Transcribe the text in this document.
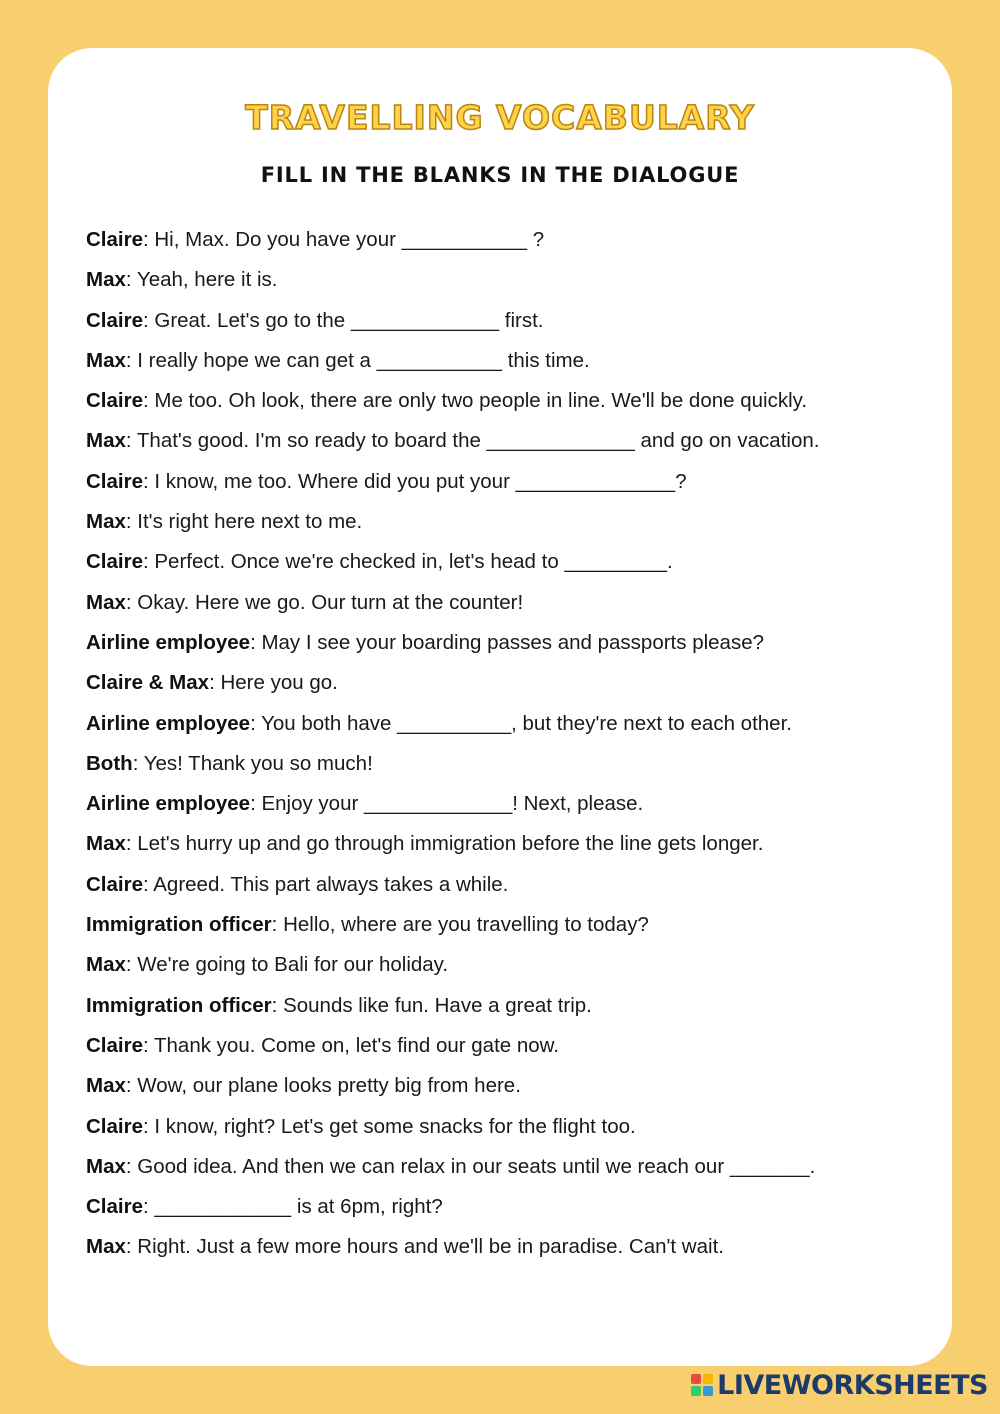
TRAVELLING VOCABULARY
FILL IN THE BLANKS IN THE DIALOGUE
Claire: Hi, Max. Do you have your ___________ ?
Max: Yeah, here it is.
Claire: Great. Let's go to the _____________ first.
Max: I really hope we can get a ___________ this time.
Claire: Me too. Oh look, there are only two people in line. We'll be done quickly.
Max: That's good. I'm so ready to board the _____________ and go on vacation.
Claire: I know, me too. Where did you put your ______________?
Max: It's right here next to me.
Claire: Perfect. Once we're checked in, let's head to _________.
Max: Okay. Here we go. Our turn at the counter!
Airline employee: May I see your boarding passes and passports please?
Claire & Max: Here you go.
Airline employee: You both have __________, but they're next to each other.
Both: Yes! Thank you so much!
Airline employee: Enjoy your _____________! Next, please.
Max: Let's hurry up and go through immigration before the line gets longer.
Claire: Agreed. This part always takes a while.
Immigration officer: Hello, where are you travelling to today?
Max: We're going to Bali for our holiday.
Immigration officer: Sounds like fun. Have a great trip.
Claire: Thank you. Come on, let's find our gate now.
Max: Wow, our plane looks pretty big from here.
Claire: I know, right? Let's get some snacks for the flight too.
Max: Good idea. And then we can relax in our seats until we reach our _______.
Claire: ____________ is at 6pm, right?
Max: Right. Just a few more hours and we'll be in paradise. Can't wait.
LIVEWORKSHEETS
